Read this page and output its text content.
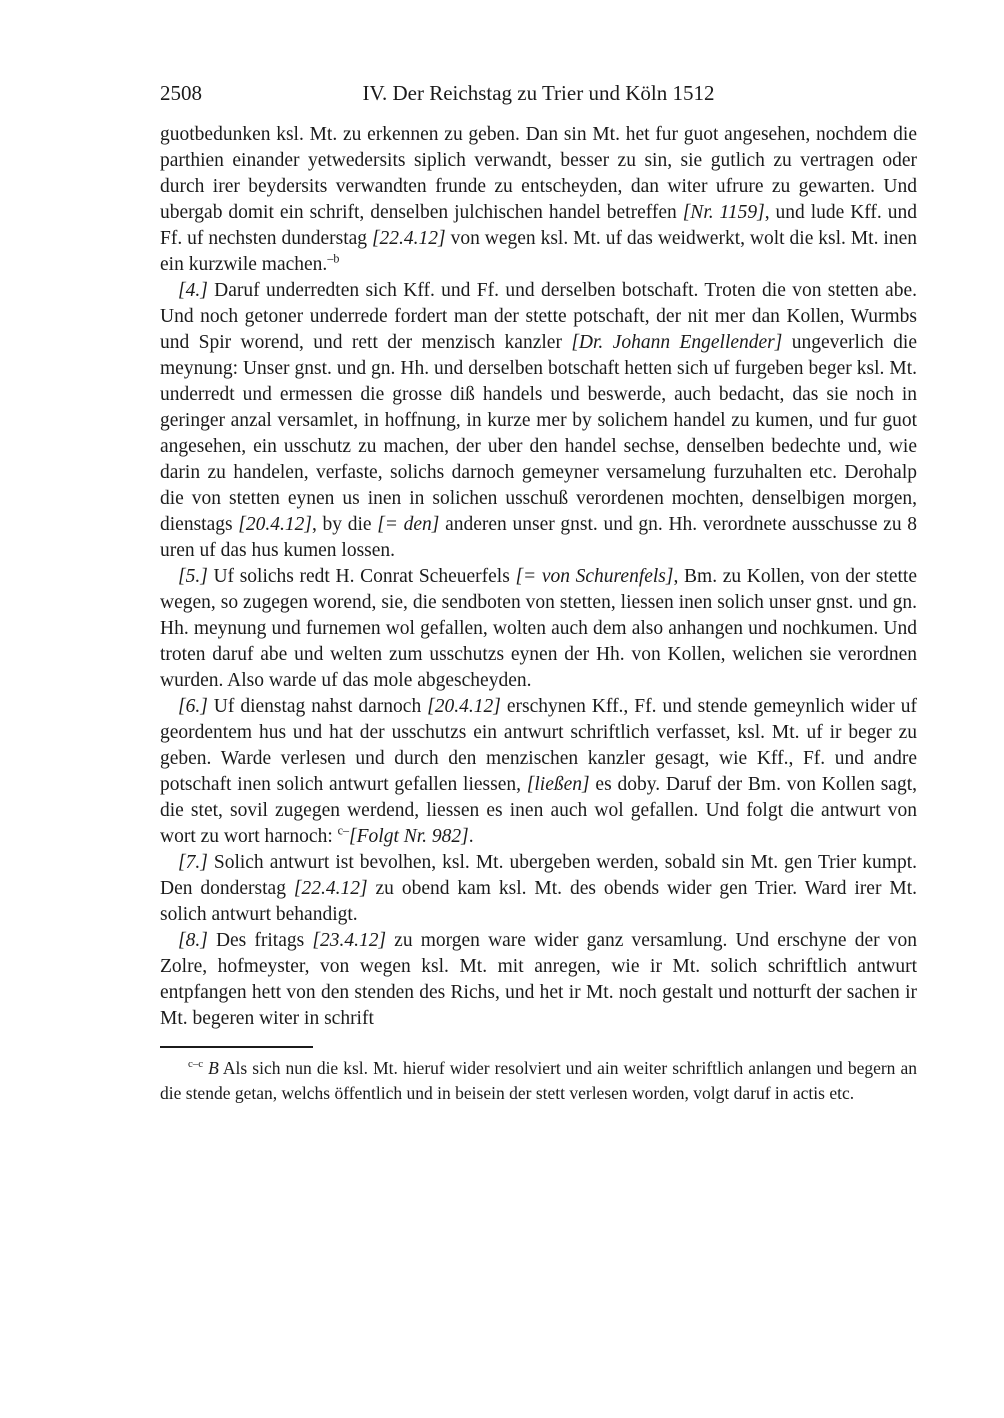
2508	IV. Der Reichstag zu Trier und Köln 1512

guotbedunken ksl. Mt. zu erkennen zu geben. Dan sin Mt. het fur guot angesehen, nochdem die parthien einander yetwedersits siplich verwandt, besser zu sin, sie gutlich zu vertragen oder durch irer beydersits verwandten frunde zu entscheyden, dan witer ufrure zu gewarten. Und ubergab domit ein schrift, denselben julchischen handel betreffen [Nr. 1159], und lude Kff. und Ff. uf nechsten dunderstag [22.4.12] von wegen ksl. Mt. uf das weidwerkt, wolt die ksl. Mt. inen ein kurzwile machen.$^{-b}$

[4.] Daruf underredten sich Kff. und Ff. und derselben botschaft. Troten die von stetten abe. Und noch getoner underrede fordert man der stette potschaft, der nit mer dan Kollen, Wurmbs und Spir worend, und rett der menzisch kanzler [Dr. Johann Engellender] ungeverlich die meynung: Unser gnst. und gn. Hh. und derselben botschaft hetten sich uf furgeben beger ksl. Mt. underredt und ermessen die grosse diß handels und beswerde, auch bedacht, das sie noch in geringer anzal versamlet, in hoffnung, in kurze mer by solichem handel zu kumen, und fur guot angesehen, ein usschutz zu machen, der uber den handel sechse, denselben bedechte und, wie darin zu handelen, verfaste, solichs darnoch gemeyner versamelung furzuhalten etc. Derohalp die von stetten eynen us inen in solichen usschuß verordenen mochten, denselbigen morgen, dienstags [20.4.12], by die [= den] anderen unser gnst. und gn. Hh. verordnete ausschusse zu 8 uren uf das hus kumen lossen.

[5.] Uf solichs redt H. Conrat Scheuerfels [= von Schurenfels], Bm. zu Kollen, von der stette wegen, so zugegen worend, sie, die sendboten von stetten, liessen inen solich unser gnst. und gn. Hh. meynung und furnemen wol gefallen, wolten auch dem also anhangen und nochkumen. Und troten daruf abe und welten zum usschutzs eynen der Hh. von Kollen, welichen sie verordnen wurden. Also warde uf das mole abgescheyden.

[6.] Uf dienstag nahst darnoch [20.4.12] erschynen Kff., Ff. und stende gemeynlich wider uf geordentem hus und hat der usschutzs ein antwurt schriftlich verfasset, ksl. Mt. uf ir beger zu geben. Warde verlesen und durch den menzischen kanzler gesagt, wie Kff., Ff. und andre potschaft inen solich antwurt gefallen liessen, [ließen] es doby. Daruf der Bm. von Kollen sagt, die stet, sovil zugegen werdend, liessen es inen auch wol gefallen. Und folgt die antwurt von wort zu wort harnoch: $^{c-}$[Folgt Nr. 982].

[7.] Solich antwurt ist bevolhen, ksl. Mt. ubergeben werden, sobald sin Mt. gen Trier kumpt. Den donderstag [22.4.12] zu obend kam ksl. Mt. des obends wider gen Trier. Ward irer Mt. solich antwurt behandigt.

[8.] Des fritags [23.4.12] zu morgen ware wider ganz versamlung. Und erschyne der von Zolre, hofmeyster, von wegen ksl. Mt. mit anregen, wie ir Mt. solich schriftlich antwurt entpfangen hett von den stenden des Richs, und het ir Mt. noch gestalt und notturft der sachen ir Mt. begeren witer in schrift

$^{c-c}$ B Als sich nun die ksl. Mt. hieruf wider resolviert und ain weiter schriftlich anlangen und begern an die stende getan, welchs öffentlich und in beisein der stett verlesen worden, volgt daruf in actis etc.
